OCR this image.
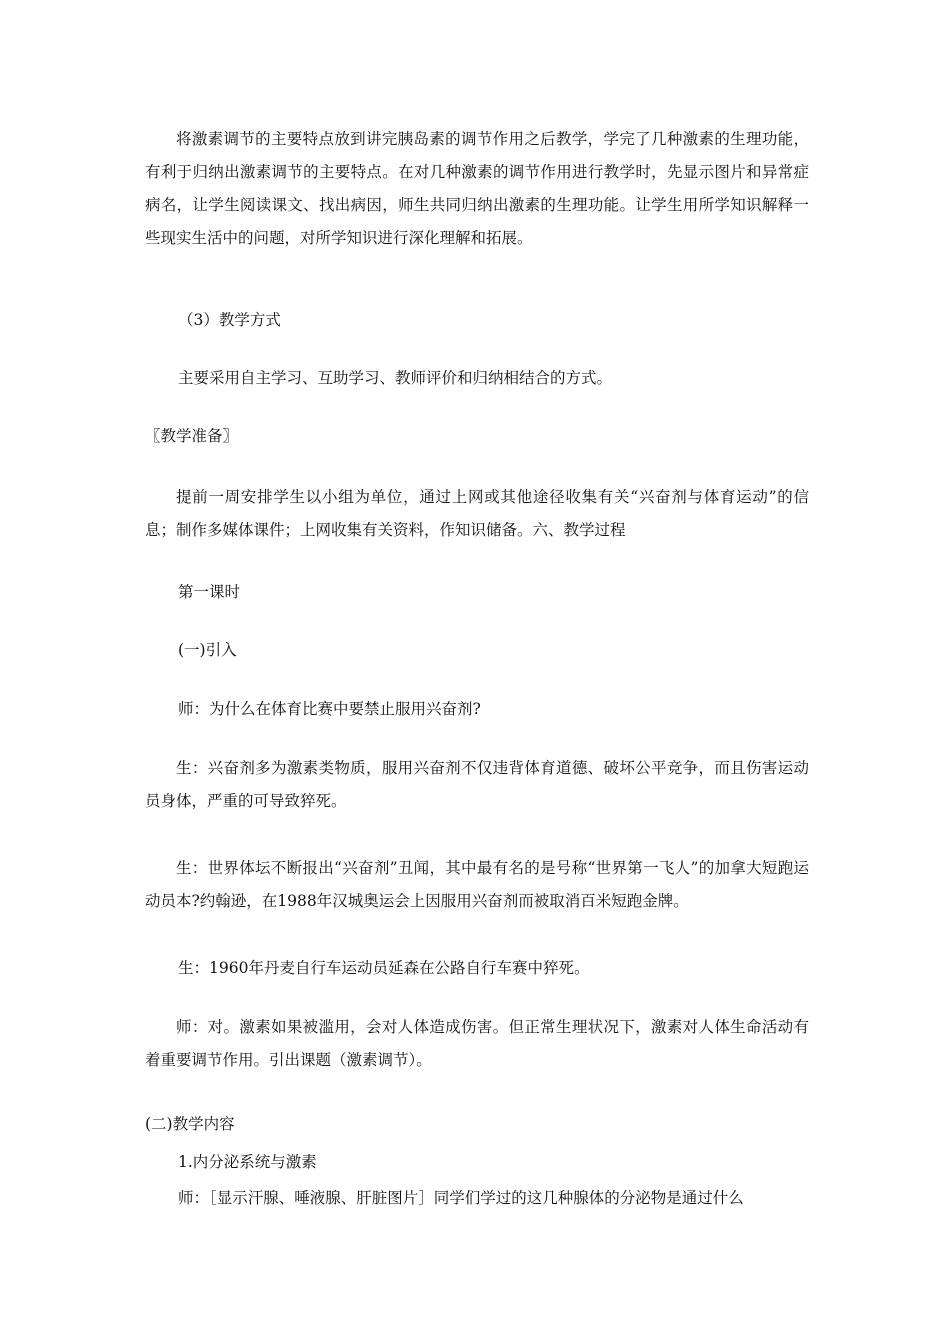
将激素调节的主要特点放到讲完胰岛素的调节作用之后教学，学完了几种激素的生理功能，有利于归纳出激素调节的主要特点。在对几种激素的调节作用进行教学时，先显示图片和异常症病名，让学生阅读课文、找出病因，师生共同归纳出激素的生理功能。让学生用所学知识解释一些现实生活中的问题，对所学知识进行深化理解和拓展。

（3）教学方式
主要采用自主学习、互助学习、教师评价和归纳相结合的方式。
〖教学准备〗

提前一周安排学生以小组为单位，通过上网或其他途径收集有关“兴奋剂与体育运动”的信息；制作多媒体课件；上网收集有关资料，作知识储备。六、教学过程

第一课时
(一)引入
师：为什么在体育比赛中要禁止服用兴奋剂?

生：兴奋剂多为激素类物质，服用兴奋剂不仅违背体育道德、破坏公平竞争，而且伤害运动员身体，严重的可导致猝死。

生：世界体坛不断报出“兴奋剂”丑闻，其中最有名的是号称“世界第一飞人”的加拿大短跑运动员本?约翰逊，在1988年汉城奥运会上因服用兴奋剂而被取消百米短跑金牌。

生：1960年丹麦自行车运动员延森在公路自行车赛中猝死。

师：对。激素如果被滥用，会对人体造成伤害。但正常生理状况下，激素对人体生命活动有着重要调节作用。引出课题（激素调节）。

(二)教学内容
1.内分泌系统与激素
师：［显示汗腺、唾液腺、肝脏图片］同学们学过的这几种腺体的分泌物是通过什么
